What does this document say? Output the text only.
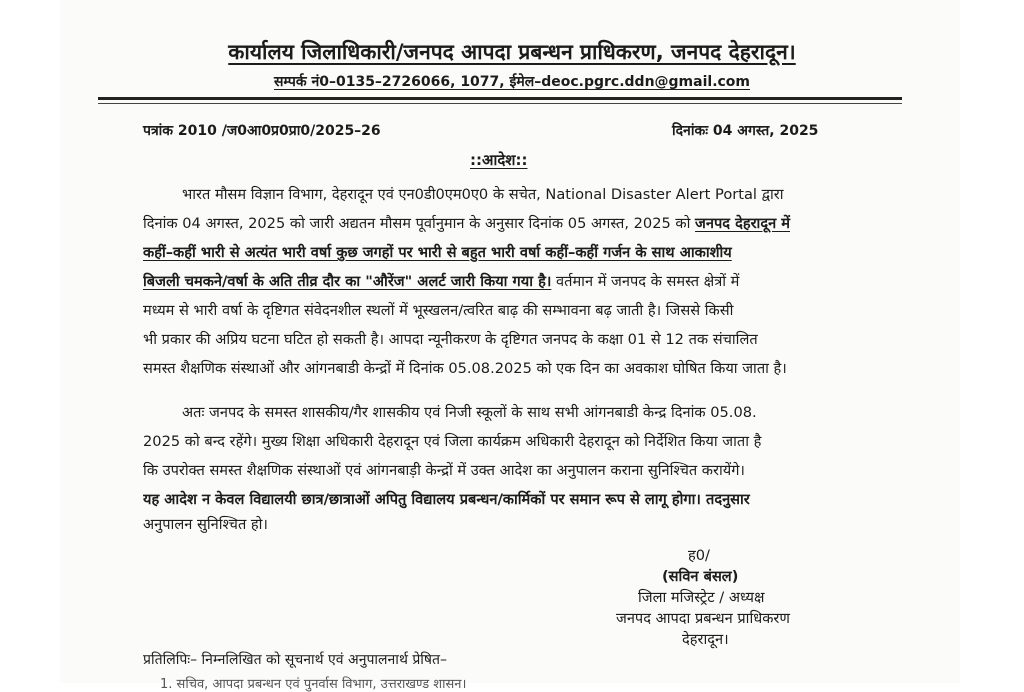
कार्यालय जिलाधिकारी/जनपद आपदा प्रबन्धन प्राधिकरण, जनपद देहरादून।
सम्पर्क नं0–0135–2726066, 1077, ईमेल–deoc.pgrc.ddn@gmail.com
पत्रांक 2010 /ज0आ0प्र0प्रा0/2025–26	दिनांकः 04 अगस्त, 2025
::आदेश::
भारत मौसम विज्ञान विभाग, देहरादून एवं एन0डी0एम0ए0 के सचेत, National Disaster Alert Portal द्वारा
दिनांक 04 अगस्त, 2025 को जारी अद्यतन मौसम पूर्वानुमान के अनुसार दिनांक 05 अगस्त, 2025 को जनपद देहरादून में
कहीं–कहीं भारी से अत्यंत भारी वर्षा कुछ जगहों पर भारी से बहुत भारी वर्षा कहीं–कहीं गर्जन के साथ आकाशीय
बिजली चमकने/वर्षा के अति तीव्र दौर का "औरेंज" अलर्ट जारी किया गया है। वर्तमान में जनपद के समस्त क्षेत्रों में
मध्यम से भारी वर्षा के दृष्टिगत संवेदनशील स्थलों में भूस्खलन/त्वरित बाढ़ की सम्भावना बढ़ जाती है। जिससे किसी
भी प्रकार की अप्रिय घटना घटित हो सकती है। आपदा न्यूनीकरण के दृष्टिगत जनपद के कक्षा 01 से 12 तक संचालित
समस्त शैक्षणिक संस्थाओं और आंगनबाडी केन्द्रों में दिनांक 05.08.2025 को एक दिन का अवकाश घोषित किया जाता है।
अतः जनपद के समस्त शासकीय/गैर शासकीय एवं निजी स्कूलों के साथ सभी आंगनबाडी केन्द्र दिनांक 05.08.
2025 को बन्द रहेंगे। मुख्य शिक्षा अधिकारी देहरादून एवं जिला कार्यक्रम अधिकारी देहरादून को निर्देशित किया जाता है
कि उपरोक्त समस्त शैक्षणिक संस्थाओं एवं आंगनबाड़ी केन्द्रों में उक्त आदेश का अनुपालन कराना सुनिश्चित करायेंगे।
यह आदेश न केवल विद्यालयी छात्र/छात्राओं अपितु विद्यालय प्रबन्धन/कार्मिकों पर समान रूप से लागू होगा। तदनुसार
अनुपालन सुनिश्चित हो।
ह0/
(सविन बंसल)
जिला मजिस्ट्रेट / अध्यक्ष
जनपद आपदा प्रबन्धन प्राधिकरण
देहरादून।
प्रतिलिपिः– निम्नलिखित को सूचनार्थ एवं अनुपालनार्थ प्रेषित–
1. सचिव, आपदा प्रबन्धन एवं पुनर्वास विभाग, उत्तराखण्ड शासन।
